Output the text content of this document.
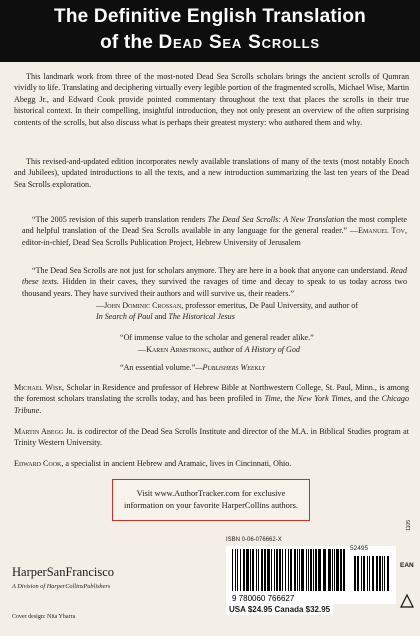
The Definitive English Translation
of the Dead Sea Scrolls
This landmark work from three of the most-noted Dead Sea Scrolls scholars brings the ancient scrolls of Qumran vividly to life. Translating and deciphering virtually every legible portion of the fragmented scrolls, Michael Wise, Martin Abegg Jr., and Edward Cook provide pointed commentary throughout the text that places the scrolls in their true historical context. In their compelling, insightful introduction, they not only present an overview of the often surprising contents of the scrolls, but also discuss what is perhaps their greatest mystery: who authored them and why.
This revised-and-updated edition incorporates newly available translations of many of the texts (most notably Enoch and Jubilees), updated introductions to all the texts, and a new introduction summarizing the last ten years of the Dead Sea Scrolls exploration.
“The 2005 revision of this superb translation renders The Dead Sea Scrolls: A New Translation the most complete and helpful translation of the Dead Sea Scrolls available in any language for the general reader.” —Emanuel Tov, editor-in-chief, Dead Sea Scrolls Publication Project, Hebrew University of Jerusalem
“The Dead Sea Scrolls are not just for scholars anymore. They are here in a book that anyone can understand. Read these texts. Hidden in their caves, they survived the ravages of time and decay to speak to us today across two thousand years. They have survived their authors and will survive us, their readers.”
—John Dominic Crossan, professor emeritus, De Paul University, and author of
In Search of Paul and The Historical Jesus
“Of immense value to the scholar and general reader alike.”
—Karen Armstrong, author of A History of God
“An essential volume.”—Publishers Weekly
Michael Wise, Scholar in Residence and professor of Hebrew Bible at Northwestern College, St. Paul, Minn., is among the foremost scholars translating the scrolls today, and has been profiled in Time, the New York Times, and the Chicago Tribune.
Martin Abegg Jr. is codirector of the Dead Sea Scrolls Institute and director of the M.A. in Biblical Studies program at Trinity Western University.
Edward Cook, a specialist in ancient Hebrew and Aramaic, lives in Cincinnati, Ohio.
Visit www.AuthorTracker.com for exclusive
information on your favorite HarperCollins authors.
HarperSanFrancisco
A Division of HarperCollinsPublishers
Cover design: Nita Ybarra
ISBN 0-06-076662-X
9 780060 766627
52495
EAN
USA $24.95 Canada $32.95
1105
